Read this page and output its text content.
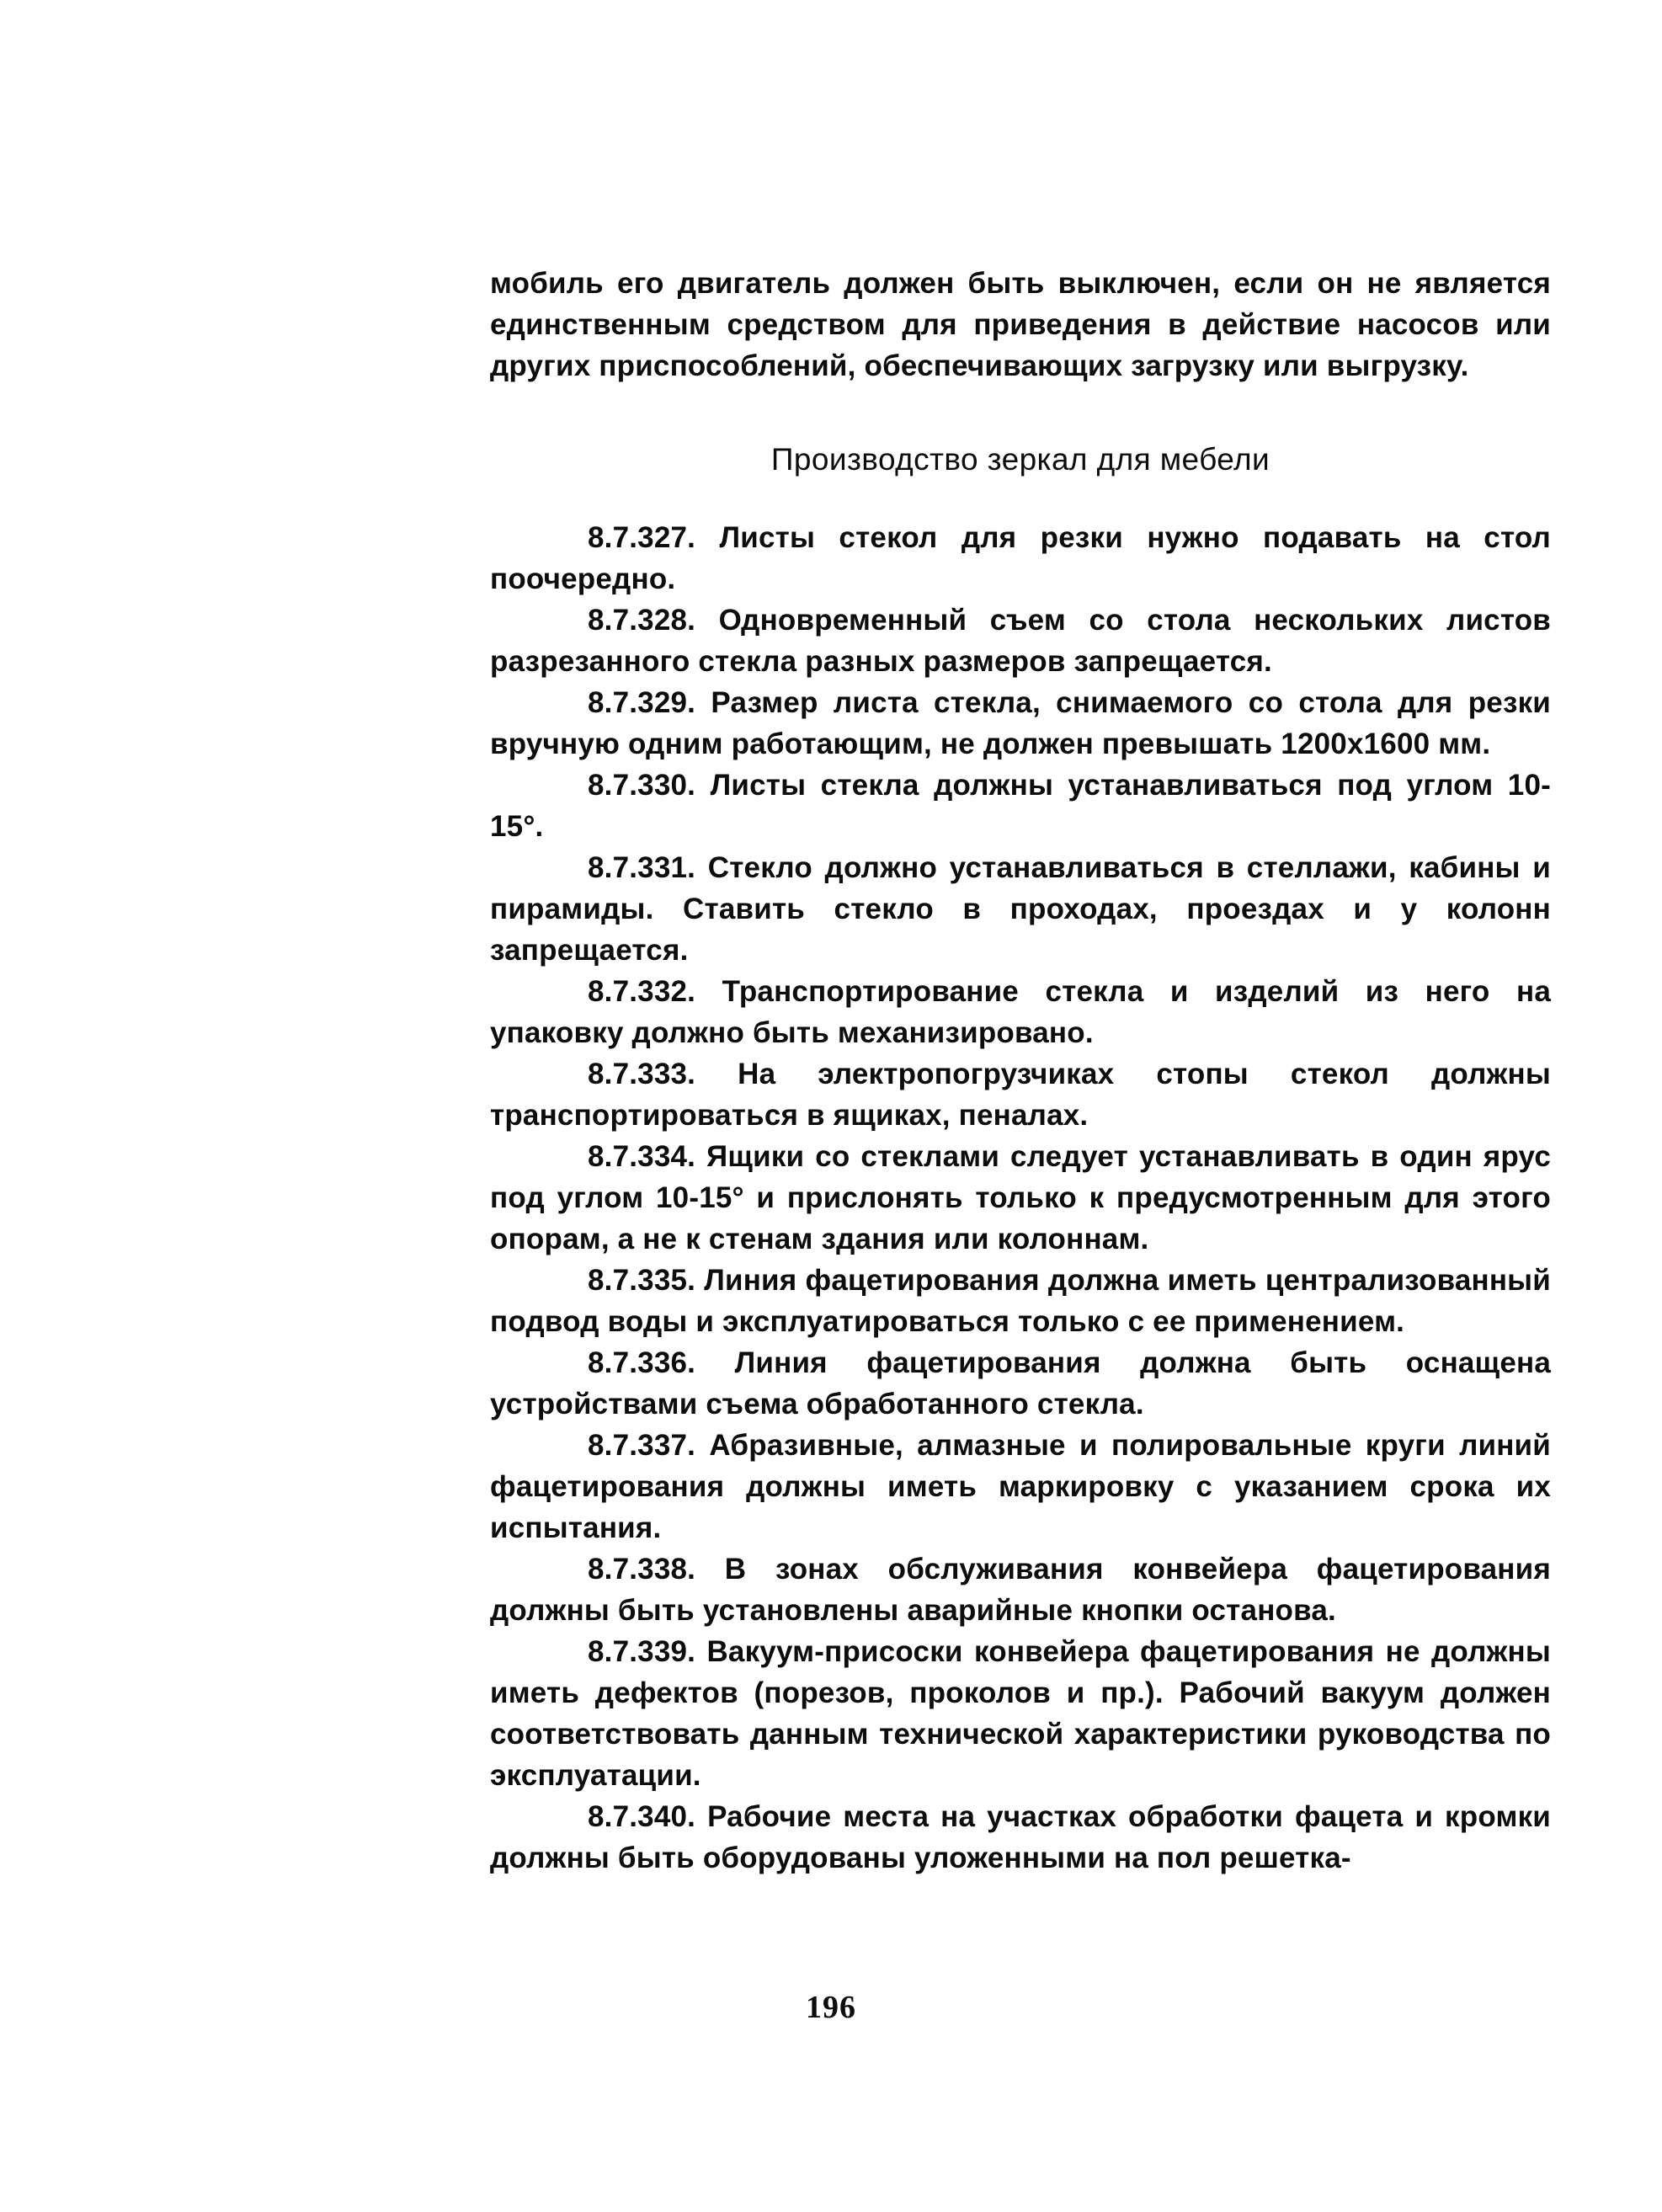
мобиль его двигатель должен быть выключен, если он не является единственным средством для приведения в действие насосов или других приспособлений, обеспечивающих загрузку или выгрузку.

Производство зеркал для мебели

8.7.327. Листы стекол для резки нужно подавать на стол поочередно.

8.7.328. Одновременный съем со стола нескольких листов разрезанного стекла разных размеров запрещается.

8.7.329. Размер листа стекла, снимаемого со стола для резки вручную одним работающим, не должен превышать 1200х1600 мм.

8.7.330. Листы стекла должны устанавливаться под углом 10-15°.

8.7.331. Стекло должно устанавливаться в стеллажи, кабины и пирамиды. Ставить стекло в проходах, проездах и у колонн запрещается.

8.7.332. Транспортирование стекла и изделий из него на упаковку должно быть механизировано.

8.7.333. На электропогрузчиках стопы стекол должны транспортироваться в ящиках, пеналах.

8.7.334. Ящики со стеклами следует устанавливать в один ярус под углом 10-15° и прислонять только к предусмотренным для этого опорам, а не к стенам здания или колоннам.

8.7.335. Линия фацетирования должна иметь централизованный подвод воды и эксплуатироваться только с ее применением.

8.7.336. Линия фацетирования должна быть оснащена устройствами съема обработанного стекла.

8.7.337. Абразивные, алмазные и полировальные круги линий фацетирования должны иметь маркировку с указанием срока их испытания.

8.7.338. В зонах обслуживания конвейера фацетирования должны быть установлены аварийные кнопки останова.

8.7.339. Вакуум-присоски конвейера фацетирования не должны иметь дефектов (порезов, проколов и пр.). Рабочий вакуум должен соответствовать данным технической характеристики руководства по эксплуатации.

8.7.340. Рабочие места на участках обработки фацета и кромки должны быть оборудованы уложенными на пол решетка-

196
